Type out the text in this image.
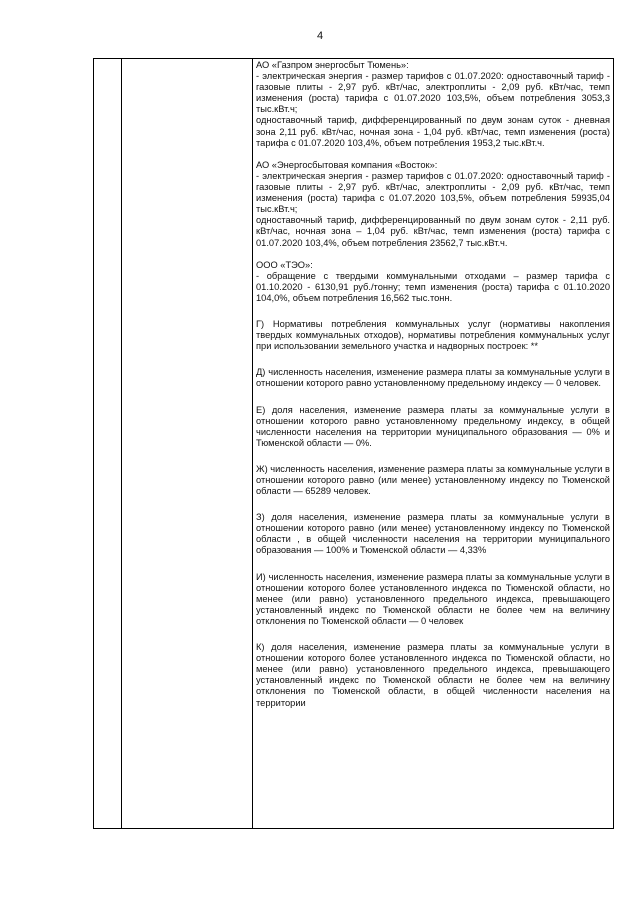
4

АО «Газпром энергосбыт Тюмень»:

- электрическая энергия - размер тарифов с 01.07.2020: одноставочный тариф - газовые плиты - 2,97 руб. кВт/час, электроплиты - 2,09 руб. кВт/час, темп изменения (роста) тарифа с 01.07.2020 103,5%, объем потребления 3053,3 тыс.кВт.ч;

одноставочный тариф, дифференцированный по двум зонам суток - дневная зона 2,11 руб. кВт/час, ночная зона - 1,04 руб. кВт/час, темп изменения (роста) тарифа с 01.07.2020 103,4%, объем потребления 1953,2 тыс.кВт.ч.

АО «Энергосбытовая компания «Восток»:

- электрическая энергия - размер тарифов с 01.07.2020: одноставочный тариф - газовые плиты - 2,97 руб. кВт/час, электроплиты - 2,09 руб. кВт/час, темп изменения (роста) тарифа с 01.07.2020 103,5%, объем потребления 59935,04 тыс.кВт.ч;

одноставочный тариф, дифференцированный по двум зонам суток - 2,11 руб. кВт/час, ночная зона – 1,04 руб. кВт/час, темп изменения (роста) тарифа с 01.07.2020 103,4%, объем потребления 23562,7 тыс.кВт.ч.

ООО «ТЭО»:

- обращение с твердыми коммунальными отходами – размер тарифа с 01.10.2020 - 6130,91 руб./тонну; темп изменения (роста) тарифа с 01.10.2020 104,0%, объем потребления 16,562 тыс.тонн.

Г) Нормативы потребления коммунальных услуг (нормативы накопления твердых коммунальных отходов), нормативы потребления коммунальных услуг при использовании земельного участка и надворных построек: **

Д) численность населения, изменение размера платы за коммунальные услуги в отношении которого равно установленному предельному индексу — 0 человек.

Е) доля населения, изменение размера платы за коммунальные услуги в отношении которого равно установленному предельному индексу, в общей численности населения на территории муниципального образования — 0% и Тюменской области — 0%.

Ж) численность населения, изменение размера платы за коммунальные услуги в отношении которого равно (или менее) установленному индексу по Тюменской области — 65289 человек.

З) доля населения, изменение размера платы за коммунальные услуги в отношении которого равно (или менее) установленному индексу по Тюменской области , в общей численности населения на территории муниципального образования — 100% и Тюменской области — 4,33%

И) численность населения, изменение размера платы за коммунальные услуги в отношении которого более установленного индекса по Тюменской области, но менее (или равно) установленного предельного индекса, превышающего установленный индекс по Тюменской области не более чем на величину отклонения по Тюменской области — 0 человек

К) доля населения, изменение размера платы за коммунальные услуги в отношении которого более установленного индекса по Тюменской области, но менее (или равно) установленного предельного индекса, превышающего установленный индекс по Тюменской области не более чем на величину отклонения по Тюменской области, в общей численности населения на территории
